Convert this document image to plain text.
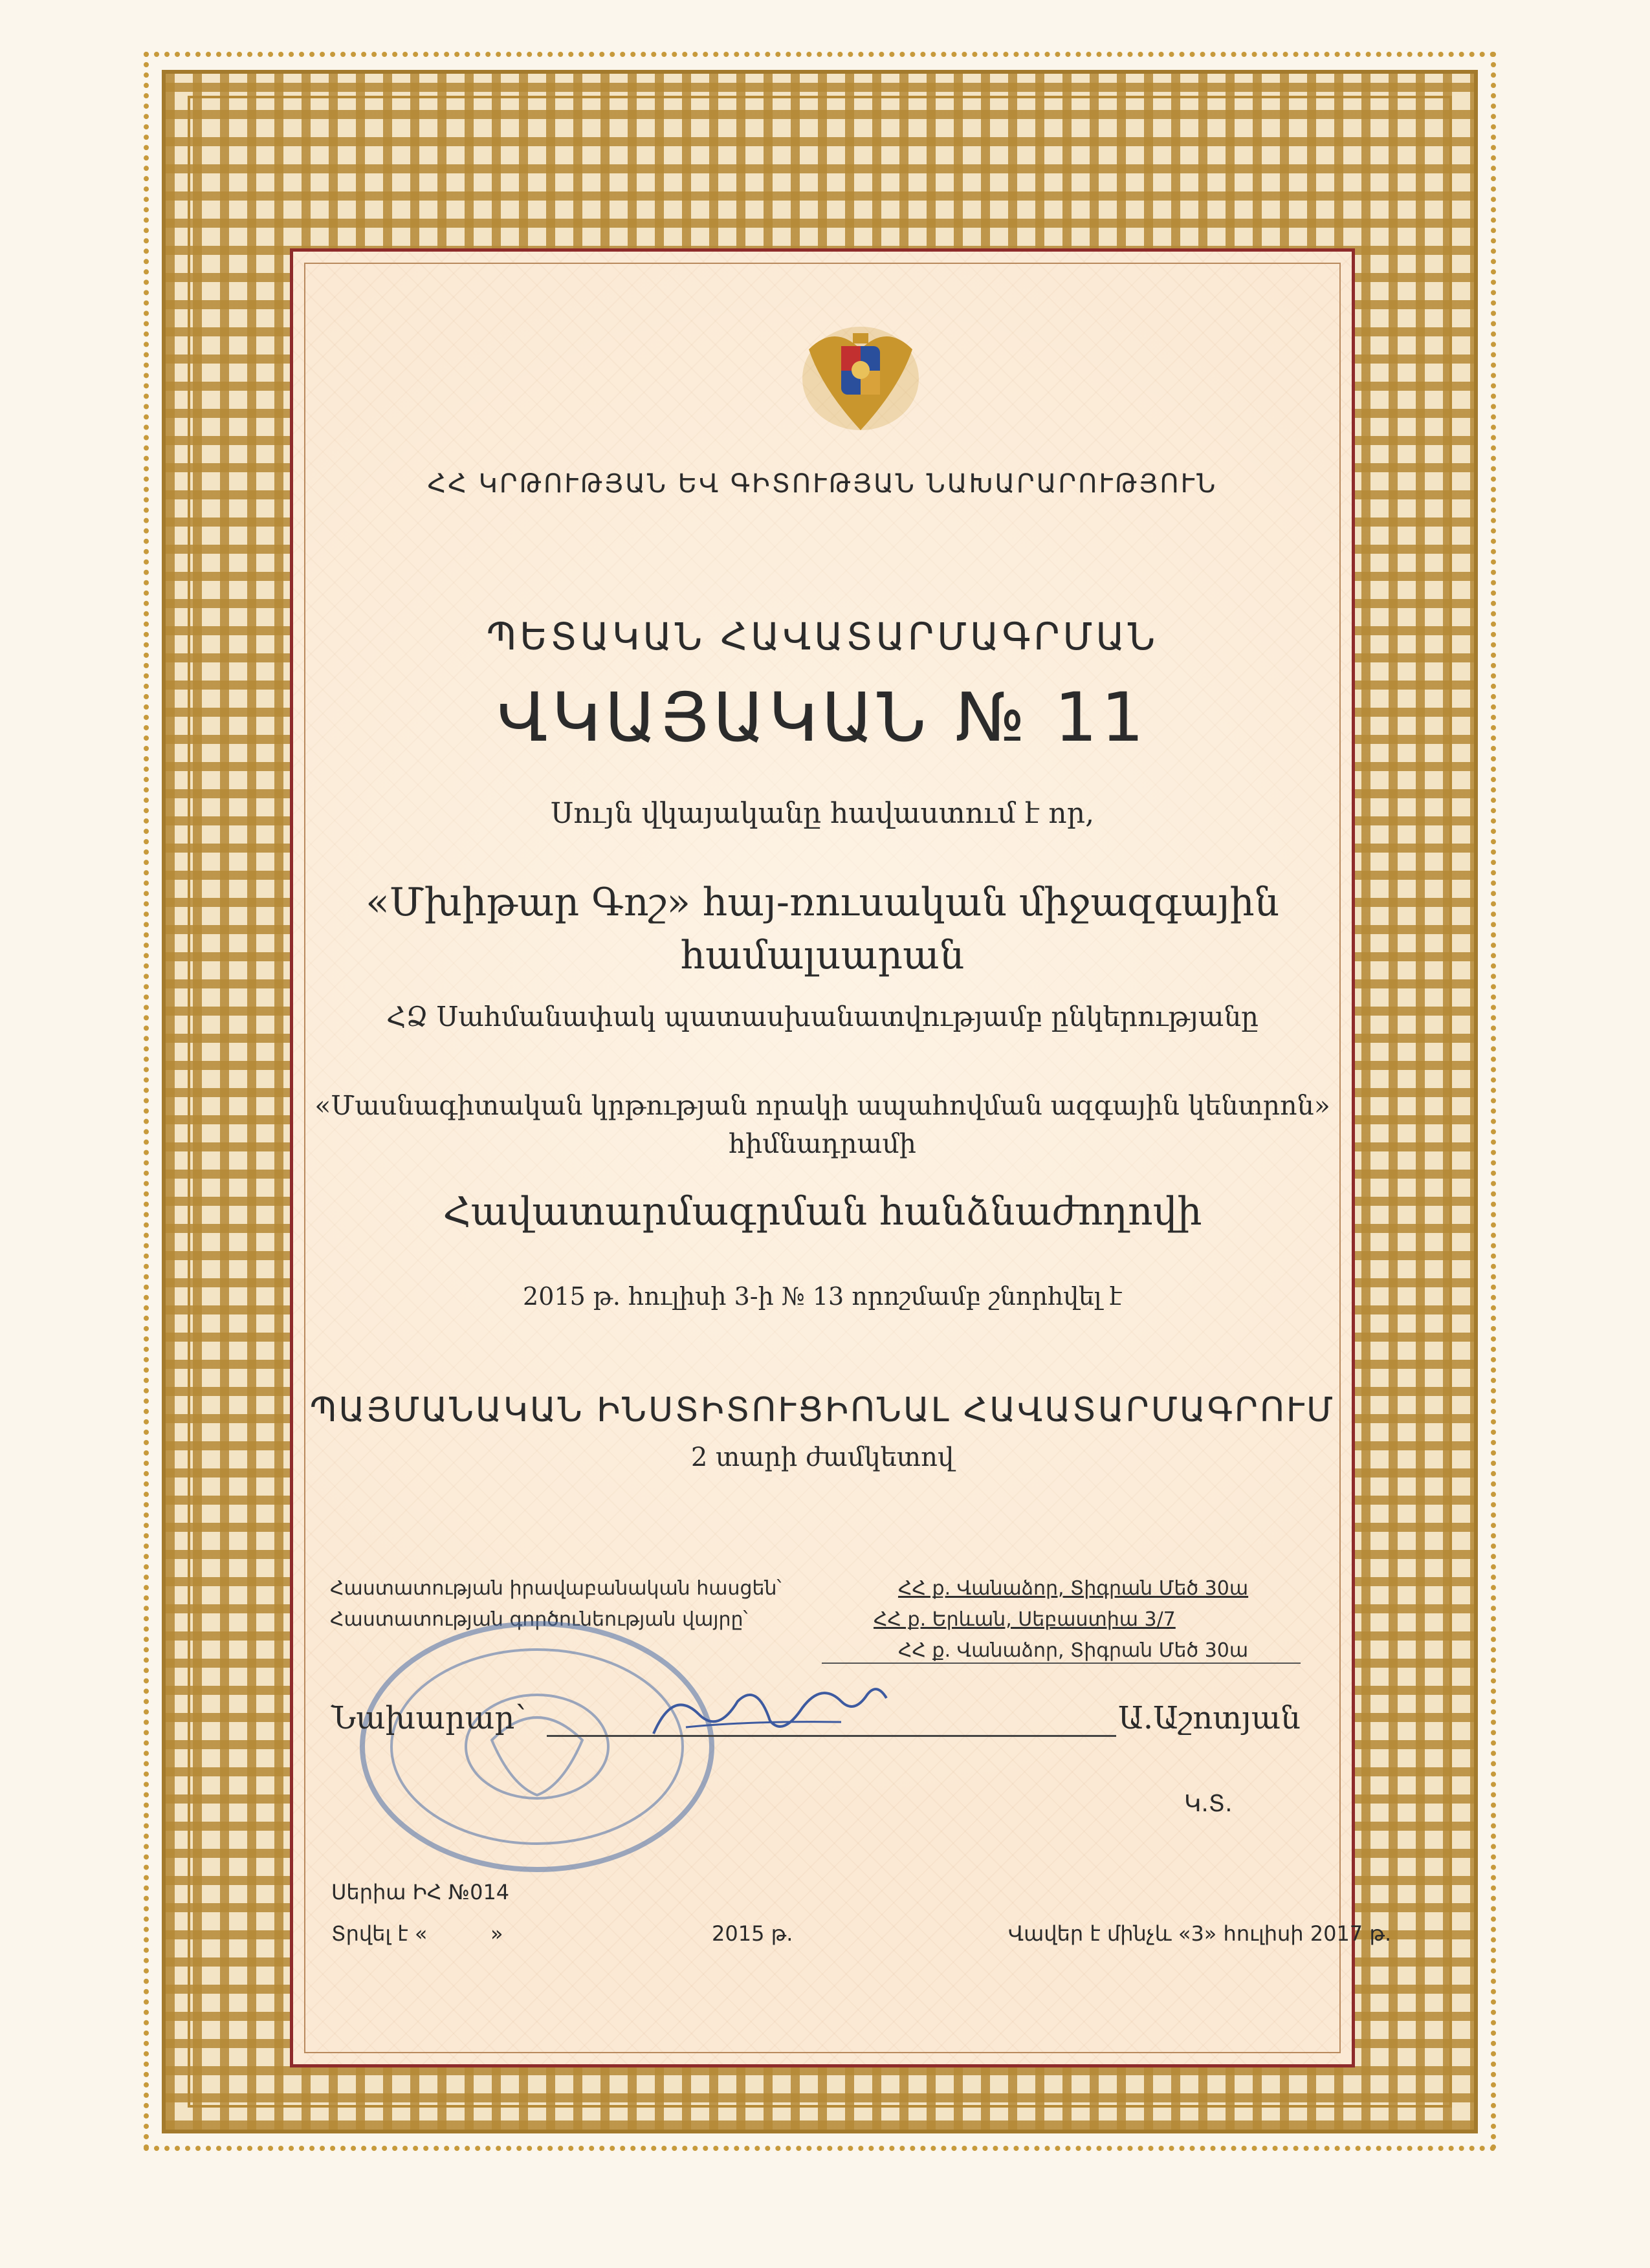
ՀՀ ԿՐԹՈՒԹՅԱՆ ԵՎ ԳԻՏՈՒԹՅԱՆ ՆԱԽԱՐԱՐՈՒԹՅՈՒՆ
ՊԵՏԱԿԱՆ ՀԱՎԱՏԱՐՄԱԳՐՄԱՆ
ՎԿԱՅԱԿԱՆ № 11
Սույն վկայականը հավաստում է որ,
«Մխիթար Գոշ» հայ-ռուսական միջազգային
համալսարան
ՀՁ Սահմանափակ պատասխանատվությամբ ընկերությանը
«Մասնագիտական կրթության որակի ապահովման ազգային կենտրոն»
հիմնադրամի
Հավատարմագրման հանձնաժողովի
2015 թ. հուլիսի 3-ի № 13 որոշմամբ շնորհվել է
ՊԱՅՄԱՆԱԿԱՆ ԻՆՍՏԻՏՈՒՑԻՈՆԱԼ ՀԱՎԱՏԱՐՄԱԳՐՈՒՄ
2 տարի ժամկետով
Հաստատության իրավաբանական հասցեն՝	ՀՀ ք. Վանաձոր, Տիգրան Մեծ 30ա
Հաստատության գործունեության վայրը՝	ՀՀ ք. Երևան, Սեբաստիա 3/7
ՀՀ ք. Վանաձոր, Տիգրան Մեծ 30ա
Նախարար՝	Ա.Աշոտյան
Կ.Տ.
Սերիա ԻՀ №014
Տրվել է «	»	2015 թ.	Վավեր է մինչև «3» հուլիսի 2017 թ.
